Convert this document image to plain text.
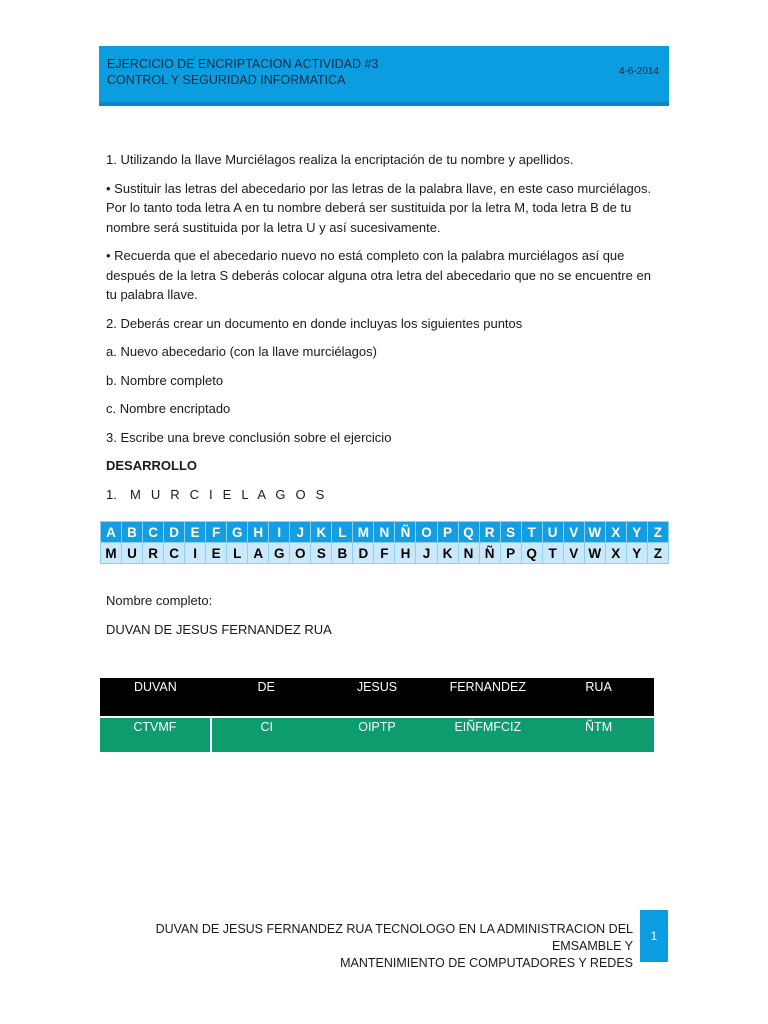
EJERCICIO DE ENCRIPTACION ACTIVIDAD #3
CONTROL Y SEGURIDAD INFORMATICA
4-6-2014

1. Utilizando la llave Murciélagos realiza la encriptación de tu nombre y apellidos.

• Sustituir las letras del abecedario por las letras de la palabra llave, en este caso murciélagos. Por lo tanto toda letra A en tu nombre deberá ser sustituida por la letra M, toda letra B de tu nombre será sustituida por la letra U y así sucesivamente.

• Recuerda que el abecedario nuevo no está completo con la palabra murciélagos así que después de la letra S deberás colocar alguna otra letra del abecedario que no se encuentre en tu palabra llave.

2. Deberás crear un documento en donde incluyas los siguientes puntos

a. Nuevo abecedario (con la llave murciélagos)

b. Nombre completo

c. Nombre encriptado

3. Escribe una breve conclusión sobre el ejercicio

DESARROLLO

1. M U R C I E L A G O S

A	B	C	D	E	F	G	H	I	J	K	L	M	N	Ñ	O	P	Q	R	S	T	U	V	W	X	Y	Z
M	U	R	C	I	E	L	A	G	O	S	B	D	F	H	J	K	N	Ñ	P	Q	T	V	W	X	Y	Z

Nombre completo:

DUVAN DE JESUS FERNANDEZ RUA

DUVAN	DE	JESUS	FERNANDEZ	RUA

CTVMF	CI	OIPTP	EIÑFMFCIZ	ÑTM
DUVAN DE JESUS FERNANDEZ RUA TECNOLOGO EN LA ADMINISTRACION DEL EMSAMBLE Y
MANTENIMIENTO DE COMPUTADORES Y REDES
1
